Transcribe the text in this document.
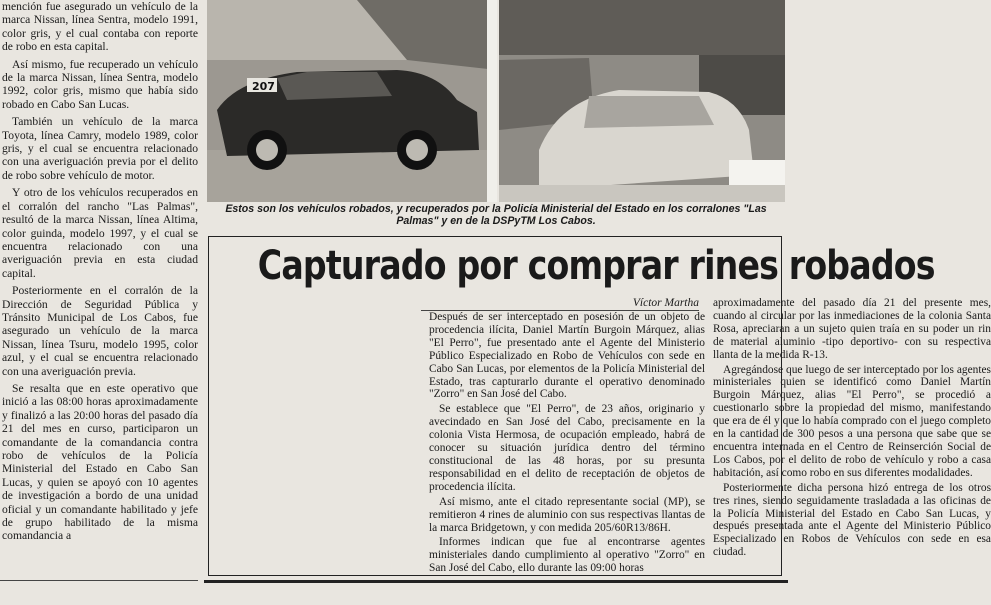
mención fue asegurado un vehículo de la marca Nissan, línea Sentra, modelo 1991, color gris, y el cual contaba con reporte de robo en esta capital.

Así mismo, fue recuperado un vehículo de la marca Nissan, línea Sentra, modelo 1992, color gris, mismo que había sido robado en Cabo San Lucas.

También un vehículo de la marca Toyota, línea Camry, modelo 1989, color gris, y el cual se encuentra relacionado con una averiguación previa por el delito de robo sobre vehículo de motor.

Y otro de los vehículos recuperados en el corralón del rancho "Las Palmas", resultó de la marca Nissan, línea Altima, color guinda, modelo 1997, y el cual se encuentra relacionado con una averiguación previa en esta ciudad capital.

Posteriormente en el corralón de la Dirección de Seguridad Pública y Tránsito Municipal de Los Cabos, fue asegurado un vehículo de la marca Nissan, línea Tsuru, modelo 1995, color azul, y el cual se encuentra relacionado con una averiguación previa.

Se resalta que en este operativo que inició a las 08:00 horas aproximadamente y finalizó a las 20:00 horas del pasado día 21 del mes en curso, participaron un comandante de la comandancia contra robo de vehículos de la Policía Ministerial del Estado en Cabo San Lucas, y quien se apoyó con 10 agentes de investigación a bordo de una unidad oficial y un comandante habilitado y jefe de grupo habilitado de la misma comandancia a

207
Estos son los vehículos robados, y recuperados por la Policía Ministerial del Estado en los corralones "Las Palmas" y en de la DSPyTM Los Cabos.
Capturado por comprar rines robados
Víctor Martha

Después de ser interceptado en posesión de un objeto de procedencia ilícita, Daniel Martín Burgoin Márquez, alias "El Perro", fue presentado ante el Agente del Ministerio Público Especializado en Robo de Vehículos con sede en Cabo San Lucas, por elementos de la Policía Ministerial del Estado, tras capturarlo durante el operativo denominado "Zorro" en San José del Cabo.

Se establece que "El Perro", de 23 años, originario y avecindado en San José del Cabo, precisamente en la colonia Vista Hermosa, de ocupación empleado, habrá de conocer su situación jurídica dentro del término constitucional de las 48 horas, por su presunta responsabilidad en el delito de receptación de objetos de procedencia ilícita.

Así mismo, ante el citado representante social (MP), se remitieron 4 rines de aluminio con sus respectivas llantas de la marca Bridgetown, y con medida 205/60R13/86H.

Informes indican que fue al encontrarse agentes ministeriales dando cumplimiento al operativo "Zorro" en San José del Cabo, ello durante las 09:00 horas

aproximadamente del pasado día 21 del presente mes, cuando al circular por las inmediaciones de la colonia Santa Rosa, apreciaran a un sujeto quien traía en su poder un rin de material aluminio -tipo deportivo- con su respectiva llanta de la medida R-13.

Agregándose que luego de ser interceptado por los agentes ministeriales quien se identificó como Daniel Martín Burgoin Márquez, alias "El Perro", se procedió a cuestionarlo sobre la propiedad del mismo, manifestando que era de él y que lo había comprado con el juego completo en la cantidad de 300 pesos a una persona que sabe que se encuentra internada en el Centro de Reinserción Social de Los Cabos, por el delito de robo de vehículo y robo a casa habitación, así como robo en sus diferentes modalidades.

Posteriormente dicha persona hizó entrega de los otros tres rines, siendo seguidamente trasladada a las oficinas de la Policía Ministerial del Estado en Cabo San Lucas, y después presentada ante el Agente del Ministerio Público Especializado en Robos de Vehículos con sede en esa ciudad.
